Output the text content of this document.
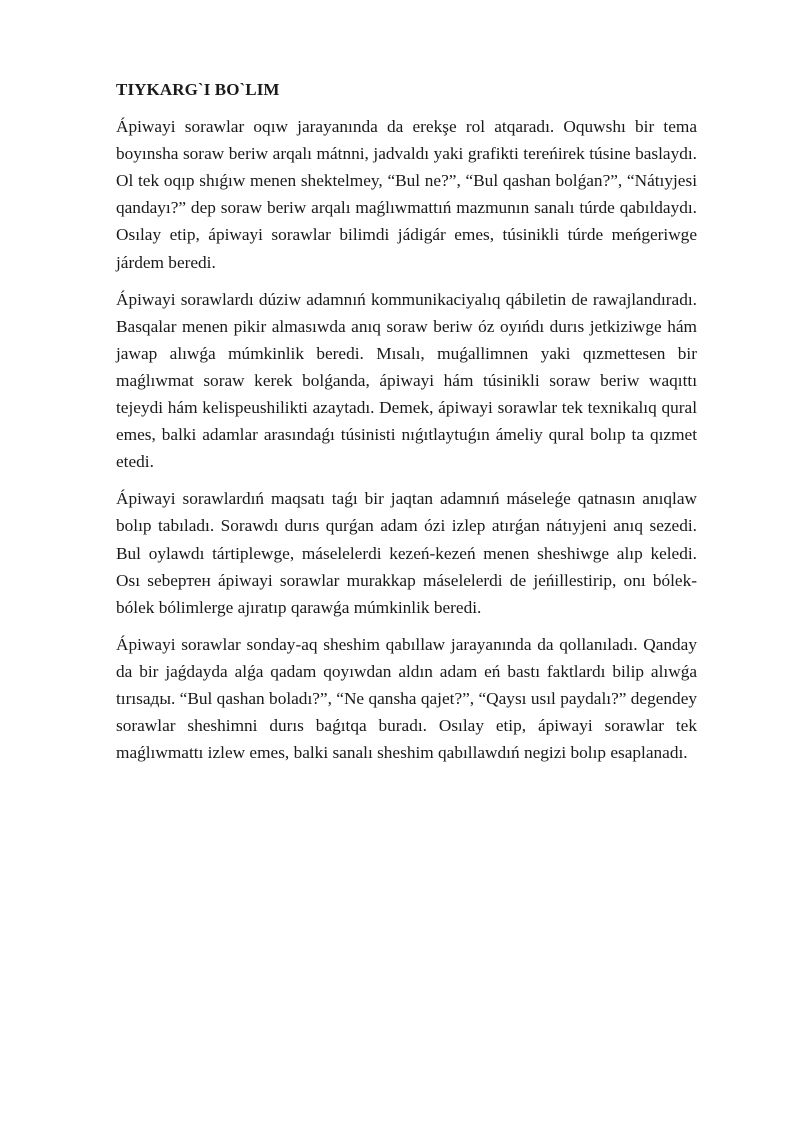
TIYKARG`I BO`LIM

Ápiwayi sorawlar oqıw jarayanında da erekşe rol atqaradı. Oquwshı bir tema boyınsha soraw beriw arqalı mátnni, jadvaldı yaki grafikti tereńirek túsine baslaydı. Ol tek oqıp shıǵıw menen shektelmey, “Bul ne?”, “Bul qashan bolǵan?”, “Nátıyjesi qandayı?” dep soraw beriw arqalı maǵlıwmattıń mazmunın sanalı túrde qabıldaydı. Osılay etip, ápiwayi sorawlar bilimdi jádigár emes, túsinikli túrde meńgeriwge járdem beredi.

Ápiwayi sorawlardı dúziw adamnıń kommunikaciyalıq qábiletin de rawajlandıradı. Basqalar menen pikir almasıwda anıq soraw beriw óz oyıńdı durıs jetkiziwge hám jawap alıwǵa múmkinlik beredi. Mısalı, muǵallimnen yaki qızmettesen bir maǵlıwmat soraw kerek bolǵanda, ápiwayi hám túsinikli soraw beriw waqıttı tejeydi hám kelispeushilikti azaytadı. Demek, ápiwayi sorawlar tek texnikalıq qural emes, balki adamlar arasındaǵı túsinisti nıǵıtlaytuǵın ámeliy qural bolıp ta qızmet etedi.

Ápiwayi sorawlardıń maqsatı taǵı bir jaqtan adamnıń máseleǵe qatnasın anıqlaw bolıp tabıladı. Sorawdı durıs qurǵan adam ózi izlep atırǵan nátıyjeni anıq sezedi. Bul oylawdı tártiplewge, máselelerdi kezeń-kezeń menen sheshiwge alıp keledi. Osı sebeртен ápiwayi sorawlar murakkap máselelerdi de jeńillestirip, onı bólek-bólek bólimlerge ajıratıp qarawǵa múmkinlik beredi.

Ápiwayi sorawlar sonday-aq sheshim qabıllaw jarayanında da qollanıladı. Qanday da bir jaǵdayda alǵa qadam qoyıwdan aldın adam eń bastı faktlardı bilip alıwǵa tırısады. “Bul qashan boladı?”, “Ne qansha qajet?”, “Qaysı usıl paydalı?” degendey sorawlar sheshimni durıs baǵıtqa buradı. Osılay etip, ápiwayi sorawlar tek maǵlıwmattı izlew emes, balki sanalı sheshim qabıllawdıń negizi bolıp esaplanadı.
